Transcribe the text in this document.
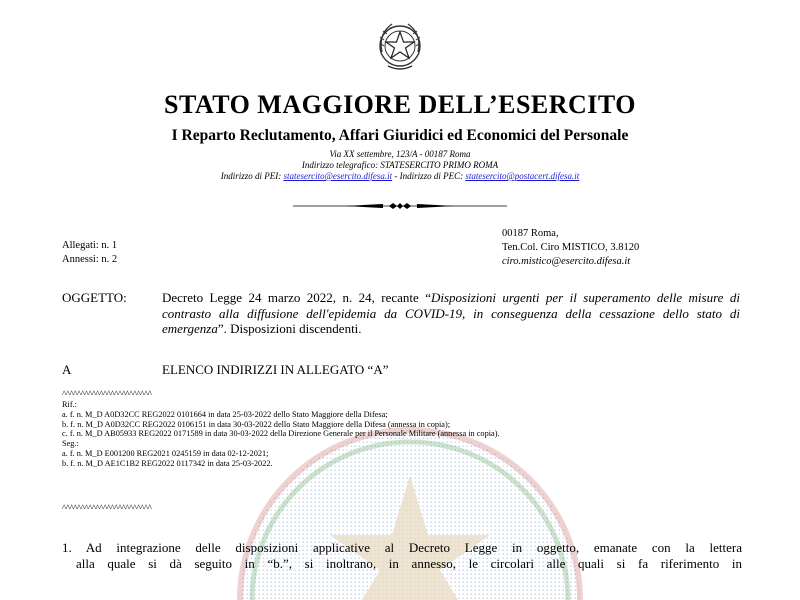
STATO MAGGIORE DELL’ESERCITO
I Reparto Reclutamento, Affari Giuridici ed Economici del Personale
Via XX settembre, 123/A - 00187 Roma
Indirizzo telegrafico: STATESERCITO PRIMO ROMA
Indirizzo di PEI: statesercito@esercito.difesa.it - Indirizzo di PEC: statesercito@postacert.difesa.it
Allegati: n. 1
Annessi: n. 2
00187 Roma,
Ten.Col. Ciro MISTICO, 3.8120
ciro.mistico@esercito.difesa.it
OGGETTO:	Decreto Legge 24 marzo 2022, n. 24, recante “Disposizioni urgenti per il superamento delle misure di contrasto alla diffusione dell'epidemia da COVID-19, in conseguenza della cessazione dello stato di emergenza”. Disposizioni discendenti.
A	ELENCO INDIRIZZI IN ALLEGATO “A”
^^^^^^^^^^^^^^^^^^^^^^^^
Rif.:
a. f. n. M_D A0D32CC REG2022 0101664 in data 25-03-2022 dello Stato Maggiore della Difesa;
b. f. n. M_D A0D32CC REG2022 0106151 in data 30-03-2022 dello Stato Maggiore della Difesa (annessa in copia);
c. f. n. M_D AB05933 REG2022 0171589 in data 30-03-2022 della Direzione Generale per il Personale Militare (annessa in copia).
Seg.:
a. f. n. M_D E001200 REG2021 0245159 in data 02-12-2021;
b. f. n. M_D AE1C1B2 REG2022 0117342 in data 25-03-2022.
^^^^^^^^^^^^^^^^^^^^^^^^
1. Ad integrazione delle disposizioni applicative al Decreto Legge in oggetto, emanate con la lettera
alla quale si dà seguito in “b.”, si inoltrano, in annesso, le circolari alle quali si fa riferimento in
